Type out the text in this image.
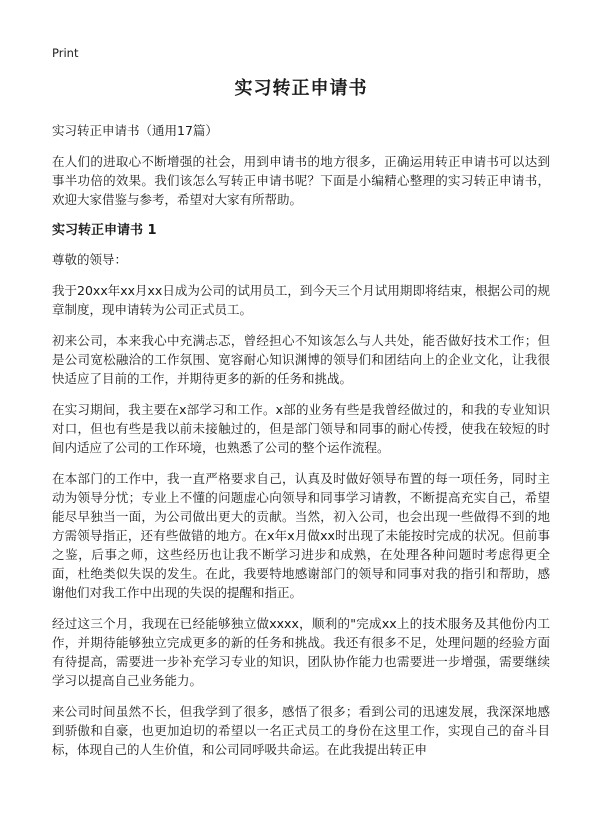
Print
实习转正申请书
实习转正申请书（通用17篇）

在人们的进取心不断增强的社会，用到申请书的地方很多，正确运用转正申请书可以达到事半功倍的效果。我们该怎么写转正申请书呢？下面是小编精心整理的实习转正申请书，欢迎大家借鉴与参考，希望对大家有所帮助。

实习转正申请书 1

尊敬的领导：

我于20xx年xx月xx日成为公司的试用员工，到今天三个月试用期即将结束，根据公司的规章制度，现申请转为公司正式员工。

初来公司，本来我心中充满忐忑，曾经担心不知该怎么与人共处，能否做好技术工作；但是公司宽松融洽的工作氛围、宽容耐心知识渊博的领导们和团结向上的企业文化，让我很快适应了目前的工作，并期待更多的新的任务和挑战。

在实习期间，我主要在x部学习和工作。x部的业务有些是我曾经做过的，和我的专业知识对口，但也有些是我以前未接触过的，但是部门领导和同事的耐心传授，使我在较短的时间内适应了公司的工作环境，也熟悉了公司的整个运作流程。

在本部门的工作中，我一直严格要求自己，认真及时做好领导布置的每一项任务，同时主动为领导分忧；专业上不懂的问题虚心向领导和同事学习请教，不断提高充实自己，希望能尽早独当一面，为公司做出更大的贡献。当然，初入公司，也会出现一些做得不到的地方需领导指正，还有些做错的地方。在x年x月做xx时出现了未能按时完成的状况。但前事之鉴，后事之师，这些经历也让我不断学习进步和成熟，在处理各种问题时考虑得更全面，杜绝类似失误的发生。在此，我要特地感谢部门的领导和同事对我的指引和帮助，感谢他们对我工作中出现的失误的提醒和指正。

经过这三个月，我现在已经能够独立做xxxx，顺利的"完成xx上的技术服务及其他份内工作，并期待能够独立完成更多的新的任务和挑战。我还有很多不足，处理问题的经验方面有待提高，需要进一步补充学习专业的知识，团队协作能力也需要进一步增强，需要继续学习以提高自己业务能力。

来公司时间虽然不长，但我学到了很多，感悟了很多；看到公司的迅速发展，我深深地感到骄傲和自豪，也更加迫切的希望以一名正式员工的身份在这里工作，实现自己的奋斗目标，体现自己的人生价值，和公司同呼吸共命运。在此我提出转正申
